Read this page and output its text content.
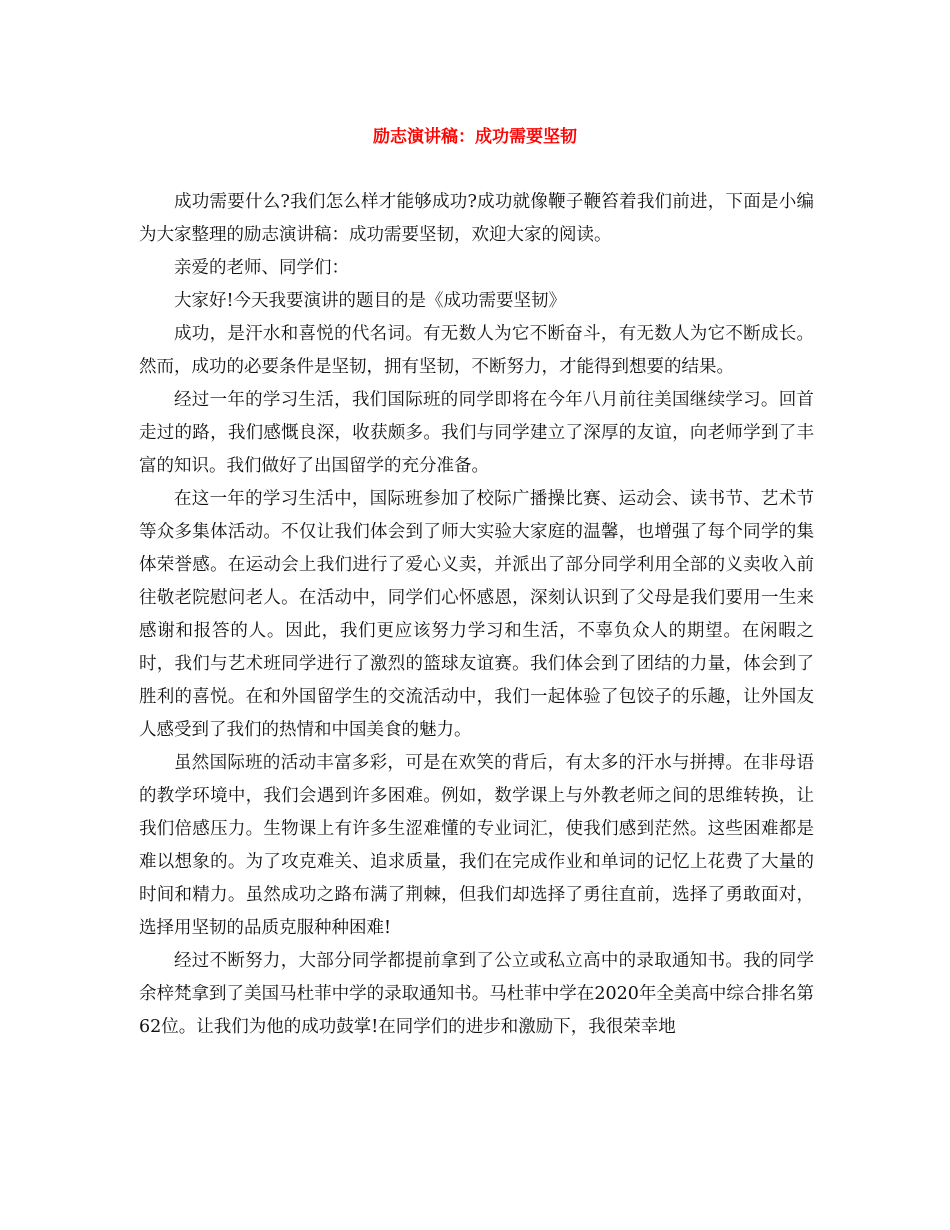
励志演讲稿：成功需要坚韧

成功需要什么?我们怎么样才能够成功?成功就像鞭子鞭笞着我们前进，下面是小编为大家整理的励志演讲稿：成功需要坚韧，欢迎大家的阅读。

亲爱的老师、同学们：

大家好!今天我要演讲的题目的是《成功需要坚韧》

成功，是汗水和喜悦的代名词。有无数人为它不断奋斗，有无数人为它不断成长。然而，成功的必要条件是坚韧，拥有坚韧，不断努力，才能得到想要的结果。

经过一年的学习生活，我们国际班的同学即将在今年八月前往美国继续学习。回首走过的路，我们感慨良深，收获颇多。我们与同学建立了深厚的友谊，向老师学到了丰富的知识。我们做好了出国留学的充分准备。

在这一年的学习生活中，国际班参加了校际广播操比赛、运动会、读书节、艺术节等众多集体活动。不仅让我们体会到了师大实验大家庭的温馨，也增强了每个同学的集体荣誉感。在运动会上我们进行了爱心义卖，并派出了部分同学利用全部的义卖收入前往敬老院慰问老人。在活动中，同学们心怀感恩，深刻认识到了父母是我们要用一生来感谢和报答的人。因此，我们更应该努力学习和生活，不辜负众人的期望。在闲暇之时，我们与艺术班同学进行了激烈的篮球友谊赛。我们体会到了团结的力量，体会到了胜利的喜悦。在和外国留学生的交流活动中，我们一起体验了包饺子的乐趣，让外国友人感受到了我们的热情和中国美食的魅力。

虽然国际班的活动丰富多彩，可是在欢笑的背后，有太多的汗水与拼搏。在非母语的教学环境中，我们会遇到许多困难。例如，数学课上与外教老师之间的思维转换，让我们倍感压力。生物课上有许多生涩难懂的专业词汇，使我们感到茫然。这些困难都是难以想象的。为了攻克难关、追求质量，我们在完成作业和单词的记忆上花费了大量的时间和精力。虽然成功之路布满了荆棘，但我们却选择了勇往直前，选择了勇敢面对，选择用坚韧的品质克服种种困难!

经过不断努力，大部分同学都提前拿到了公立或私立高中的录取通知书。我的同学余梓梵拿到了美国马杜菲中学的录取通知书。马杜菲中学在2020年全美高中综合排名第62位。让我们为他的成功鼓掌!在同学们的进步和激励下，我很荣幸地
